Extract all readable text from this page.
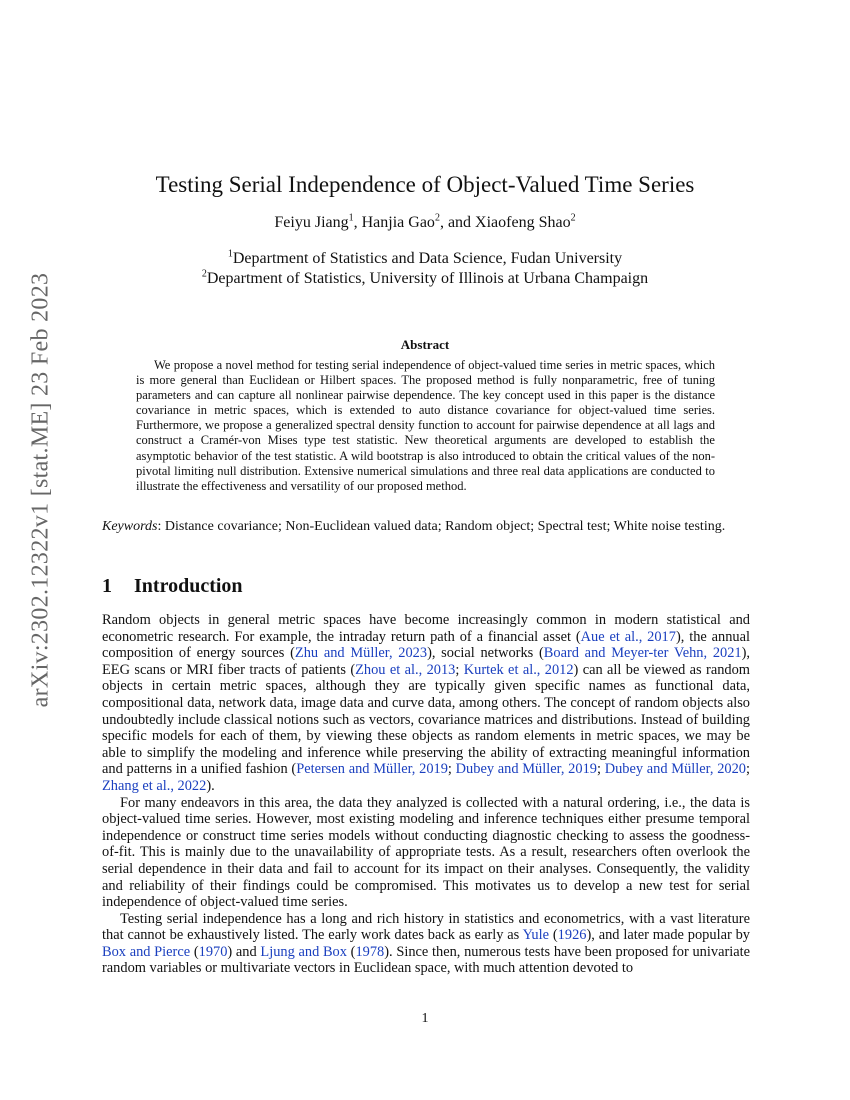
arXiv:2302.12322v1 [stat.ME] 23 Feb 2023
Testing Serial Independence of Object-Valued Time Series
Feiyu Jiang$^1$, Hanjia Gao$^2$, and Xiaofeng Shao$^2$
$^1$Department of Statistics and Data Science, Fudan University
$^2$Department of Statistics, University of Illinois at Urbana Champaign
Abstract
We propose a novel method for testing serial independence of object-valued time series in metric spaces, which is more general than Euclidean or Hilbert spaces. The proposed method is fully nonparametric, free of tuning parameters and can capture all nonlinear pairwise dependence. The key concept used in this paper is the distance covariance in metric spaces, which is extended to auto distance covariance for object-valued time series. Furthermore, we propose a generalized spectral density function to account for pairwise dependence at all lags and construct a Cramér-von Mises type test statistic. New theoretical arguments are developed to establish the asymptotic behavior of the test statistic. A wild bootstrap is also introduced to obtain the critical values of the non-pivotal limiting null distribution. Extensive numerical simulations and three real data applications are conducted to illustrate the effectiveness and versatility of our proposed method.
Keywords: Distance covariance; Non-Euclidean valued data; Random object; Spectral test; White noise testing.
1 Introduction

Random objects in general metric spaces have become increasingly common in modern statistical and econometric research. For example, the intraday return path of a financial asset (Aue et al., 2017), the annual composition of energy sources (Zhu and Müller, 2023), social networks (Board and Meyer-ter Vehn, 2021), EEG scans or MRI fiber tracts of patients (Zhou et al., 2013; Kurtek et al., 2012) can all be viewed as random objects in certain metric spaces, although they are typically given specific names as functional data, compositional data, network data, image data and curve data, among others. The concept of random objects also undoubtedly include classical notions such as vectors, covariance matrices and distributions. Instead of building specific models for each of them, by viewing these objects as random elements in metric spaces, we may be able to simplify the modeling and inference while preserving the ability of extracting meaningful information and patterns in a unified fashion (Petersen and Müller, 2019; Dubey and Müller, 2019; Dubey and Müller, 2020; Zhang et al., 2022).

For many endeavors in this area, the data they analyzed is collected with a natural ordering, i.e., the data is object-valued time series. However, most existing modeling and inference techniques either presume temporal independence or construct time series models without conducting diagnostic checking to assess the goodness-of-fit. This is mainly due to the unavailability of appropriate tests. As a result, researchers often overlook the serial dependence in their data and fail to account for its impact on their analyses. Consequently, the validity and reliability of their findings could be compromised. This motivates us to develop a new test for serial independence of object-valued time series.

Testing serial independence has a long and rich history in statistics and econometrics, with a vast literature that cannot be exhaustively listed. The early work dates back as early as Yule (1926), and later made popular by Box and Pierce (1970) and Ljung and Box (1978). Since then, numerous tests have been proposed for univariate random variables or multivariate vectors in Euclidean space, with much attention devoted to

1
